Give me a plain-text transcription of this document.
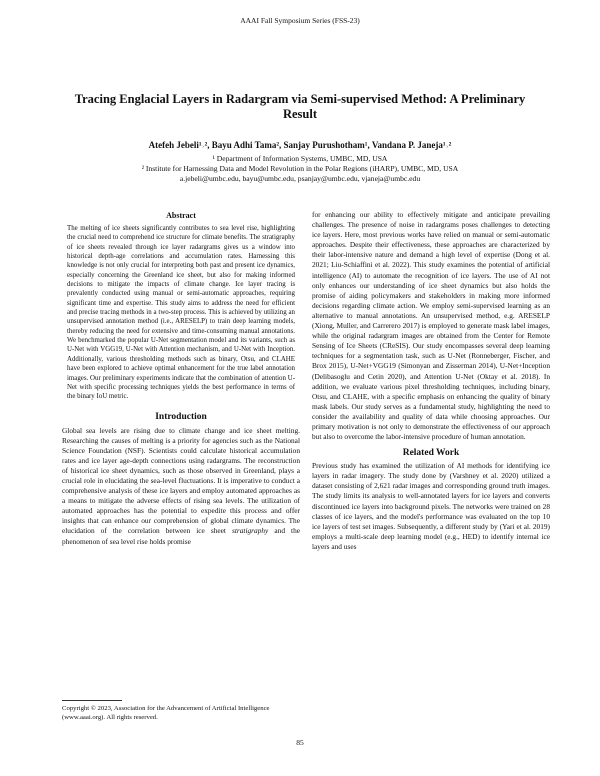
AAAI Fall Symposium Series (FSS-23)
Tracing Englacial Layers in Radargram via Semi-supervised Method: A Preliminary Result
Atefeh Jebeli¹˒², Bayu Adhi Tama², Sanjay Purushotham¹, Vandana P. Janeja¹˒²
¹ Department of Information Systems, UMBC, MD, USA
² Institute for Harnessing Data and Model Revolution in the Polar Regions (iHARP), UMBC, MD, USA
a.jebeli@umbc.edu, bayu@umbc.edu, psanjay@umbc.edu, vjaneja@umbc.edu
Abstract
The melting of ice sheets significantly contributes to sea level rise, highlighting the crucial need to comprehend ice structure for climate benefits. The stratigraphy of ice sheets revealed through ice layer radargrams gives us a window into historical depth-age correlations and accumulation rates. Harnessing this knowledge is not only crucial for interpreting both past and present ice dynamics, especially concerning the Greenland ice sheet, but also for making informed decisions to mitigate the impacts of climate change. Ice layer tracing is prevalently conducted using manual or semi-automatic approaches, requiring significant time and expertise. This study aims to address the need for efficient and precise tracing methods in a two-step process. This is achieved by utilizing an unsupervised annotation method (i.e., ARESELP) to train deep learning models, thereby reducing the need for extensive and time-consuming manual annotations. We benchmarked the popular U-Net segmentation model and its variants, such as U-Net with VGG19, U-Net with Attention mechanism, and U-Net with Inception. Additionally, various thresholding methods such as binary, Otsu, and CLAHE have been explored to achieve optimal enhancement for the true label annotation images. Our preliminary experiments indicate that the combination of attention U-Net with specific processing techniques yields the best performance in terms of the binary IoU metric.
Introduction
Global sea levels are rising due to climate change and ice sheet melting. Researching the causes of melting is a priority for agencies such as the National Science Foundation (NSF). Scientists could calculate historical accumulation rates and ice layer age-depth connections using radargrams. The reconstruction of historical ice sheet dynamics, such as those observed in Greenland, plays a crucial role in elucidating the sea-level fluctuations. It is imperative to conduct a comprehensive analysis of these ice layers and employ automated approaches as a means to mitigate the adverse effects of rising sea levels. The utilization of automated approaches has the potential to expedite this process and offer insights that can enhance our comprehension of global climate dynamics. The elucidation of the correlation between ice sheet stratigraphy and the phenomenon of sea level rise holds promise
for enhancing our ability to effectively mitigate and anticipate prevailing challenges. The presence of noise in radargrams poses challenges to detecting ice layers. Here, most previous works have relied on manual or semi-automatic approaches. Despite their effectiveness, these approaches are characterized by their labor-intensive nature and demand a high level of expertise (Dong et al. 2021; Liu-Schiaffini et al. 2022). This study examines the potential of artificial intelligence (AI) to automate the recognition of ice layers. The use of AI not only enhances our understanding of ice sheet dynamics but also holds the promise of aiding policymakers and stakeholders in making more informed decisions regarding climate action. We employ semi-supervised learning as an alternative to manual annotations. An unsupervised method, e.g. ARESELP (Xiong, Muller, and Carrerero 2017) is employed to generate mask label images, while the original radargram images are obtained from the Center for Remote Sensing of Ice Sheets (CReSIS). Our study encompasses several deep learning techniques for a segmentation task, such as U-Net (Ronneberger, Fischer, and Brox 2015), U-Net+VGG19 (Simonyan and Zisserman 2014), U-Net+Inception (Delibasoglu and Cetin 2020), and Attention U-Net (Oktay et al. 2018). In addition, we evaluate various pixel thresholding techniques, including binary, Otsu, and CLAHE, with a specific emphasis on enhancing the quality of binary mask labels. Our study serves as a fundamental study, highlighting the need to consider the availability and quality of data while choosing approaches. Our primary motivation is not only to demonstrate the effectiveness of our approach but also to overcome the labor-intensive procedure of human annotation.
Related Work
Previous study has examined the utilization of AI methods for identifying ice layers in radar imagery. The study done by (Varshney et al. 2020) utilized a dataset consisting of 2,621 radar images and corresponding ground truth images. The study limits its analysis to well-annotated layers for ice layers and converts discontinued ice layers into background pixels. The networks were trained on 28 classes of ice layers, and the model's performance was evaluated on the top 10 ice layers of test set images. Subsequently, a different study by (Yari et al. 2019) employs a multi-scale deep learning model (e.g., HED) to identify internal ice layers and uses
Copyright © 2023, Association for the Advancement of Artificial Intelligence (www.aaai.org). All rights reserved.
85
